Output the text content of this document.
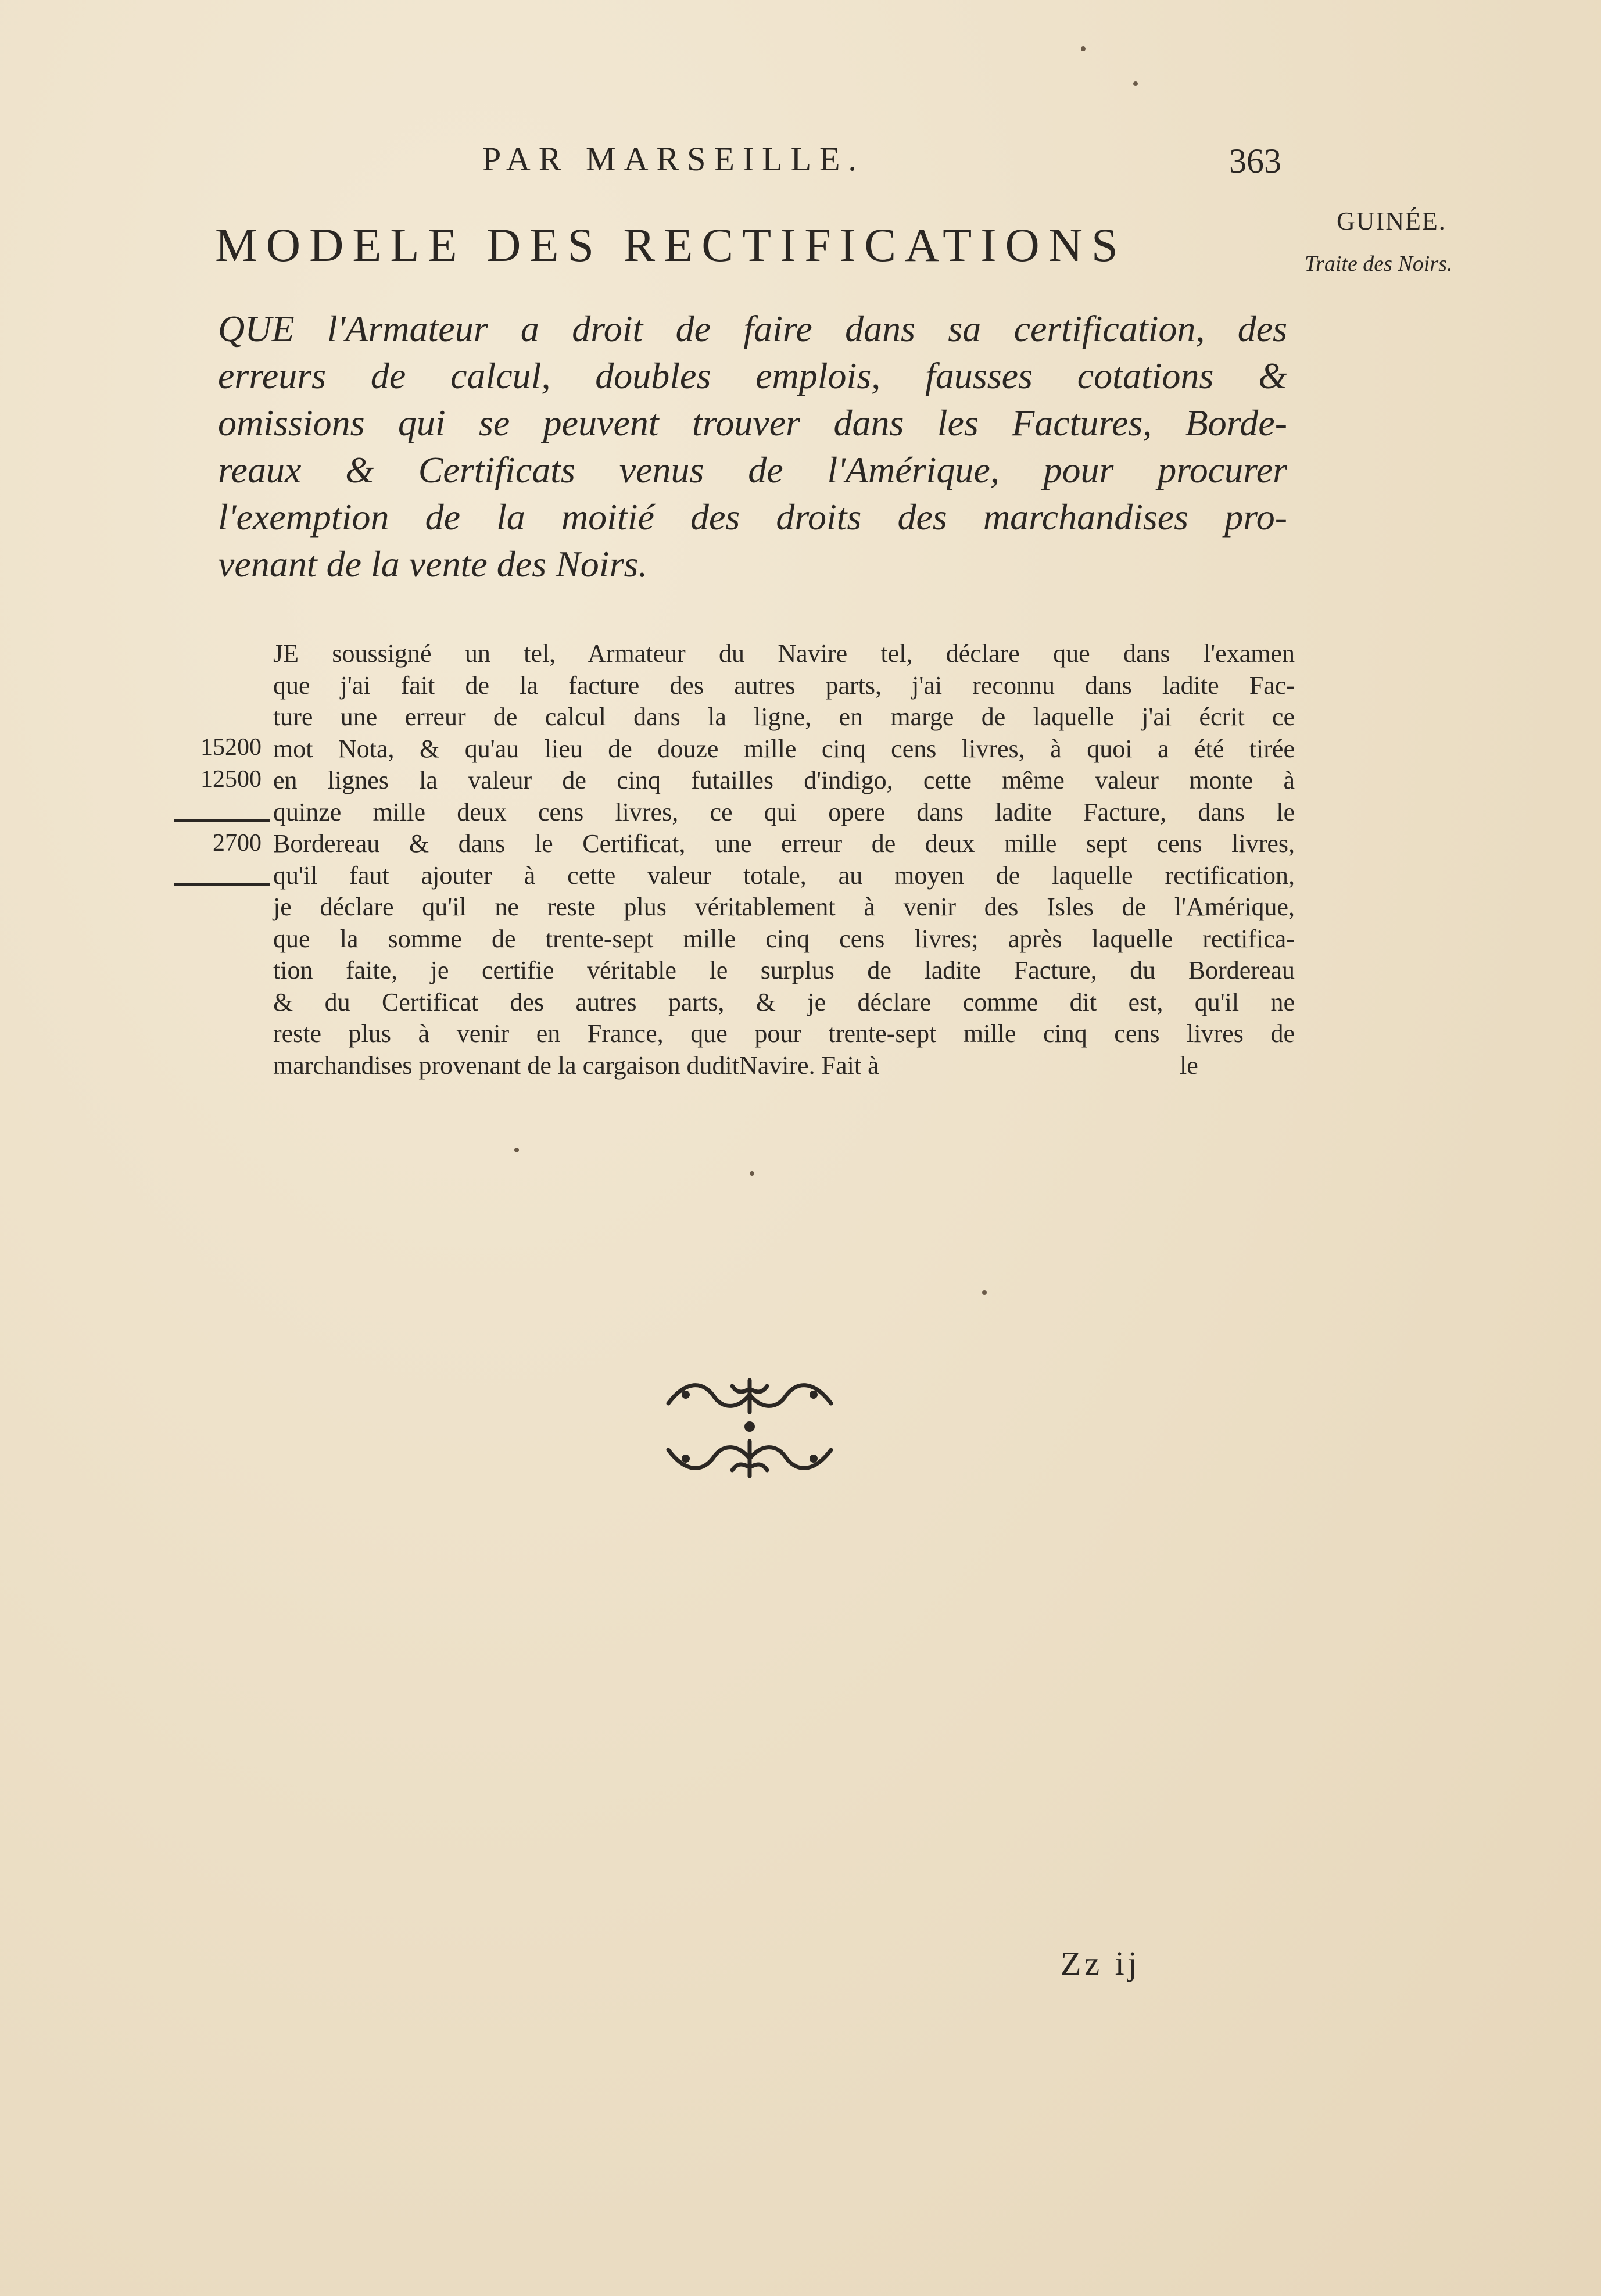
PAR MARSEILLE.	363
GUINÉE.
Traite des Noirs.
MODELE DES RECTIFICATIONS
QUE l'Armateur a droit de faire dans sa certification, des
erreurs de calcul, doubles emplois, fausses cotations &
omissions qui se peuvent trouver dans les Factures, Borde-
reaux & Certificats venus de l'Amérique, pour procurer
l'exemption de la moitié des droits des marchandises pro-
venant de la vente des Noirs.
JE soussigné un tel, Armateur du Navire tel, déclare que dans l'examen
que j'ai fait de la facture des autres parts, j'ai reconnu dans ladite Fac-
ture une erreur de calcul dans la ligne, en marge de laquelle j'ai écrit ce
mot Nota, & qu'au lieu de douze mille cinq cens livres, à quoi a été tirée
en lignes la valeur de cinq futailles d'indigo, cette même valeur monte à
quinze mille deux cens livres, ce qui opere dans ladite Facture, dans le
Bordereau & dans le Certificat, une erreur de deux mille sept cens livres,
qu'il faut ajouter à cette valeur totale, au moyen de laquelle rectification,
je déclare qu'il ne reste plus véritablement à venir des Isles de l'Amérique,
que la somme de trente-sept mille cinq cens livres; après laquelle rectifica-
tion faite, je certifie véritable le surplus de ladite Facture, du Bordereau
& du Certificat des autres parts, & je déclare comme dit est, qu'il ne
reste plus à venir en France, que pour trente-sept mille cinq cens livres de
marchandises provenant de la cargaison duditNavire. Fait à	le
15200
12500
2700
Zz ij
